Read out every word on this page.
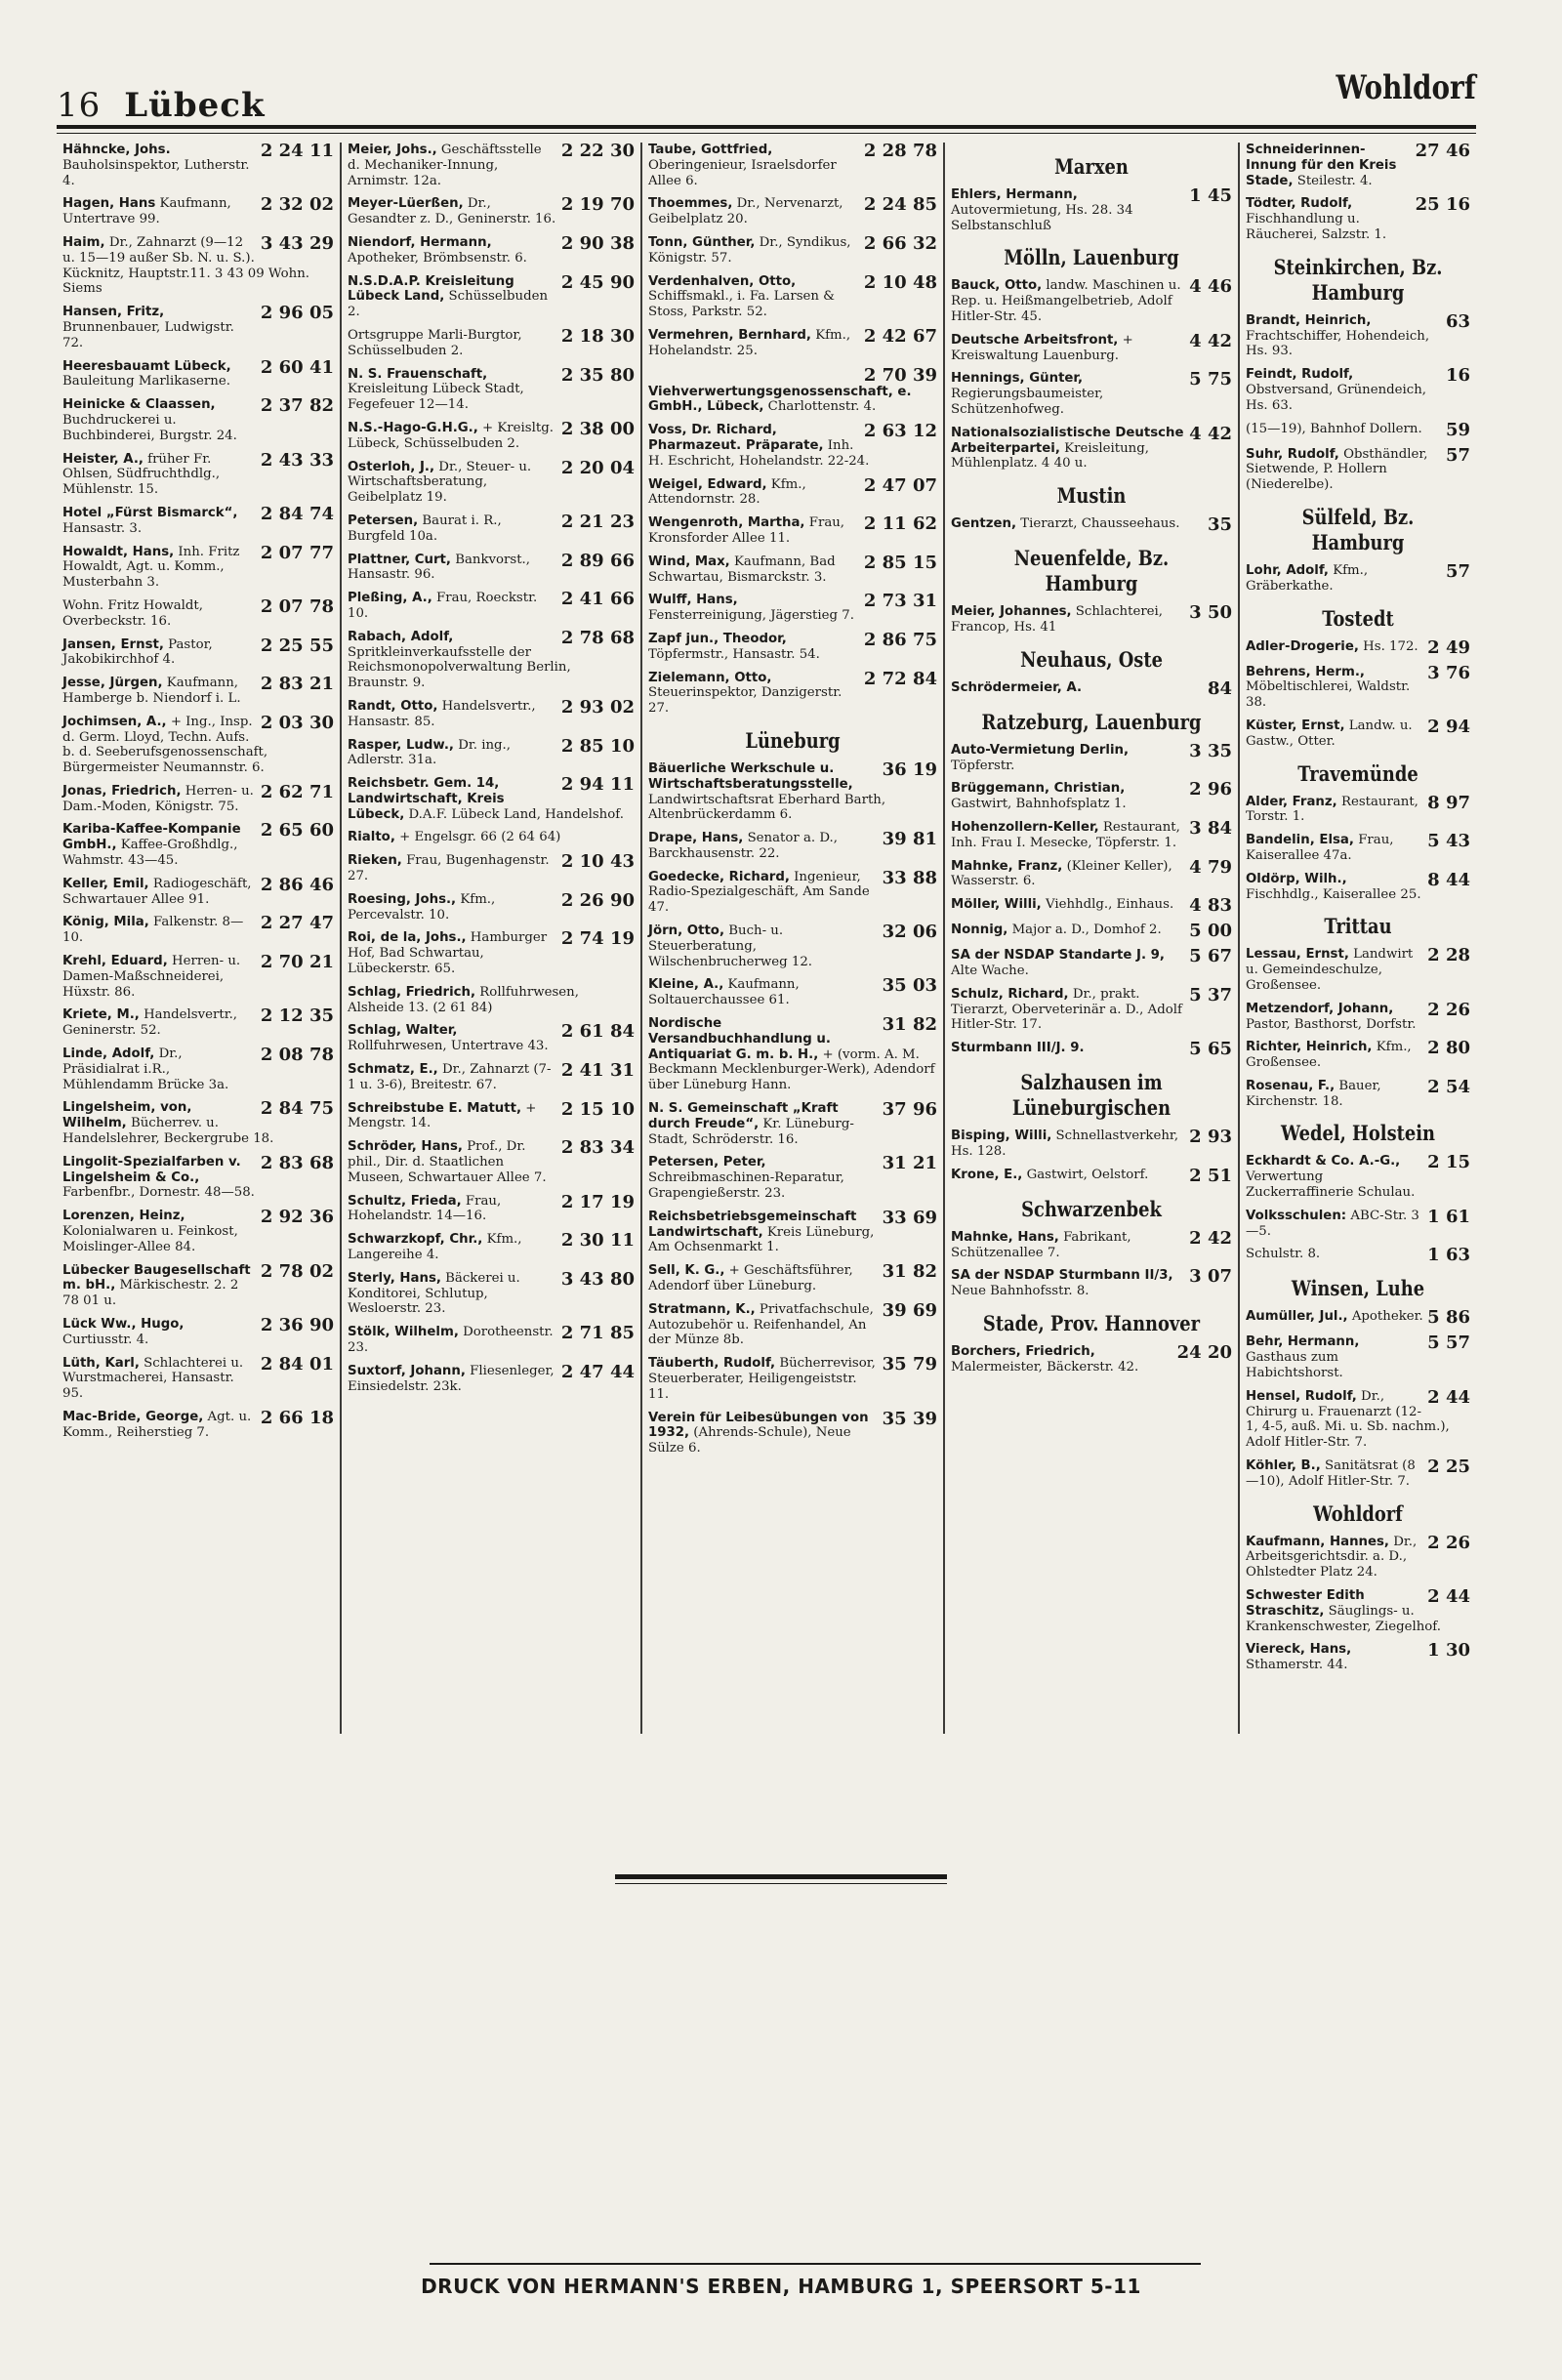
16 Lübeck	Wohldorf
2 24 11
Hähncke, Johs. Bauholsinspektor, Lutherstr. 4.
2 32 02
Hagen, Hans Kaufmann, Untertrave 99.
3 43 29
Haim, Dr., Zahnarzt (9—12 u. 15—19 außer Sb. N. u. S.). Kücknitz, Hauptstr.11. 3 43 09 Wohn. Siems
2 96 05
Hansen, Fritz, Brunnenbauer, Ludwigstr. 72.
2 60 41
Heeresbauamt Lübeck, Bauleitung Marlikaserne.
2 37 82
Heinicke & Claassen, Buchdruckerei u. Buchbinderei, Burgstr. 24.
2 43 33
Heister, A., früher Fr. Ohlsen, Südfruchthdlg., Mühlenstr. 15.
2 84 74
Hotel „Fürst Bismarck“, Hansastr. 3.
2 07 77
Howaldt, Hans, Inh. Fritz Howaldt, Agt. u. Komm., Musterbahn 3.
2 07 78
Wohn. Fritz Howaldt, Overbeckstr. 16.
2 25 55
Jansen, Ernst, Pastor, Jakobikirchhof 4.
2 83 21
Jesse, Jürgen, Kaufmann, Hamberge b. Niendorf i. L.
2 03 30
Jochimsen, A., + Ing., Insp. d. Germ. Lloyd, Techn. Aufs. b. d. Seeberufsgenossenschaft, Bürgermeister Neumannstr. 6.
2 62 71
Jonas, Friedrich, Herren- u. Dam.-Moden, Königstr. 75.
2 65 60
Kariba-Kaffee-Kompanie GmbH., Kaffee-Großhdlg., Wahmstr. 43—45.
2 86 46
Keller, Emil, Radiogeschäft, Schwartauer Allee 91.
2 27 47
König, Mila, Falkenstr. 8—10.
2 70 21
Krehl, Eduard, Herren- u. Damen-Maßschneiderei, Hüxstr. 86.
2 12 35
Kriete, M., Handelsvertr., Geninerstr. 52.
2 08 78
Linde, Adolf, Dr., Präsidialrat i.R., Mühlendamm Brücke 3a.
2 84 75
Lingelsheim, von, Wilhelm, Bücherrev. u. Handelslehrer, Beckergrube 18.
2 83 68
Lingolit-Spezialfarben v. Lingelsheim & Co., Farbenfbr., Dornestr. 48—58.
2 92 36
Lorenzen, Heinz, Kolonialwaren u. Feinkost, Moislinger-Allee 84.
2 78 02
Lübecker Baugesellschaft m. bH., Märkischestr. 2. 2 78 01 u.
2 36 90
Lück Ww., Hugo, Curtiusstr. 4.
2 84 01
Lüth, Karl, Schlachterei u. Wurstmacherei, Hansastr. 95.
2 66 18
Mac-Bride, George, Agt. u. Komm., Reiherstieg 7.
2 22 30
Meier, Johs., Geschäftsstelle d. Mechaniker-Innung, Arnimstr. 12a.
2 19 70
Meyer-Lüerßen, Dr., Gesandter z. D., Geninerstr. 16.
2 90 38
Niendorf, Hermann, Apotheker, Brömbsenstr. 6.
2 45 90
N.S.D.A.P. Kreisleitung Lübeck Land, Schüsselbuden 2.
2 18 30
Ortsgruppe Marli-Burgtor, Schüsselbuden 2.
2 35 80
N. S. Frauenschaft, Kreisleitung Lübeck Stadt, Fegefeuer 12—14.
2 38 00
N.S.-Hago-G.H.G., + Kreisltg. Lübeck, Schüsselbuden 2.
2 20 04
Osterloh, J., Dr., Steuer- u. Wirtschaftsberatung, Geibelplatz 19.
2 21 23
Petersen, Baurat i. R., Burgfeld 10a.
2 89 66
Plattner, Curt, Bankvorst., Hansastr. 96.
2 41 66
Pleßing, A., Frau, Roeckstr. 10.
2 78 68
Rabach, Adolf, Spritkleinverkaufsstelle der Reichsmonopolverwaltung Berlin, Braunstr. 9.
2 93 02
Randt, Otto, Handelsvertr., Hansastr. 85.
2 85 10
Rasper, Ludw., Dr. ing., Adlerstr. 31a.
2 94 11
Reichsbetr. Gem. 14, Landwirtschaft, Kreis Lübeck, D.A.F. Lübeck Land, Handelshof.
Rialto, + Engelsgr. 66 (2 64 64)
2 10 43
Rieken, Frau, Bugenhagenstr. 27.
2 26 90
Roesing, Johs., Kfm., Percevalstr. 10.
2 74 19
Roi, de la, Johs., Hamburger Hof, Bad Schwartau, Lübeckerstr. 65.
Schlag, Friedrich, Rollfuhrwesen, Alsheide 13. (2 61 84)
2 61 84
Schlag, Walter, Rollfuhrwesen, Untertrave 43.
2 41 31
Schmatz, E., Dr., Zahnarzt (7-1 u. 3-6), Breitestr. 67.
2 15 10
Schreibstube E. Matutt, + Mengstr. 14.
2 83 34
Schröder, Hans, Prof., Dr. phil., Dir. d. Staatlichen Museen, Schwartauer Allee 7.
2 17 19
Schultz, Frieda, Frau, Hohelandstr. 14—16.
2 30 11
Schwarzkopf, Chr., Kfm., Langereihe 4.
3 43 80
Sterly, Hans, Bäckerei u. Konditorei, Schlutup, Wesloerstr. 23.
2 71 85
Stölk, Wilhelm, Dorotheenstr. 23.
2 47 44
Suxtorf, Johann, Fliesenleger, Einsiedelstr. 23k.
2 28 78
Taube, Gottfried, Oberingenieur, Israelsdorfer Allee 6.
2 24 85
Thoemmes, Dr., Nervenarzt, Geibelplatz 20.
2 66 32
Tonn, Günther, Dr., Syndikus, Königstr. 57.
2 10 48
Verdenhalven, Otto, Schiffsmakl., i. Fa. Larsen & Stoss, Parkstr. 52.
2 42 67
Vermehren, Bernhard, Kfm., Hohelandstr. 25.
2 70 39
Viehverwertungsgenossenschaft, e. GmbH., Lübeck, Charlottenstr. 4.
2 63 12
Voss, Dr. Richard, Pharmazeut. Präparate, Inh. H. Eschricht, Hohelandstr. 22-24.
2 47 07
Weigel, Edward, Kfm., Attendornstr. 28.
2 11 62
Wengenroth, Martha, Frau, Kronsforder Allee 11.
2 85 15
Wind, Max, Kaufmann, Bad Schwartau, Bismarckstr. 3.
2 73 31
Wulff, Hans, Fensterreinigung, Jägerstieg 7.
2 86 75
Zapf jun., Theodor, Töpfermstr., Hansastr. 54.
2 72 84
Zielemann, Otto, Steuerinspektor, Danzigerstr. 27.
Lüneburg
36 19
Bäuerliche Werkschule u. Wirtschaftsberatungsstelle, Landwirtschaftsrat Eberhard Barth, Altenbrückerdamm 6.
39 81
Drape, Hans, Senator a. D., Barckhausenstr. 22.
33 88
Goedecke, Richard, Ingenieur, Radio-Spezialgeschäft, Am Sande 47.
32 06
Jörn, Otto, Buch- u. Steuerberatung, Wilschenbrucherweg 12.
35 03
Kleine, A., Kaufmann, Soltauerchaussee 61.
31 82
Nordische Versandbuchhandlung u. Antiquariat G. m. b. H., + (vorm. A. M. Beckmann Mecklenburger-Werk), Adendorf über Lüneburg Hann.
37 96
N. S. Gemeinschaft „Kraft durch Freude“, Kr. Lüneburg-Stadt, Schröderstr. 16.
31 21
Petersen, Peter, Schreibmaschinen-Reparatur, Grapengießerstr. 23.
33 69
Reichsbetriebsgemeinschaft Landwirtschaft, Kreis Lüneburg, Am Ochsenmarkt 1.
31 82
Sell, K. G., + Geschäftsführer, Adendorf über Lüneburg.
39 69
Stratmann, K., Privatfachschule, Autozubehör u. Reifenhandel, An der Münze 8b.
35 79
Täuberth, Rudolf, Bücherrevisor, Steuerberater, Heiligengeiststr. 11.
35 39
Verein für Leibesübungen von 1932, (Ahrends-Schule), Neue Sülze 6.
Marxen
1 45
Ehlers, Hermann, Autovermietung, Hs. 28. 34 Selbstanschluß
Mölln, Lauenburg
4 46
Bauck, Otto, landw. Maschinen u. Rep. u. Heißmangelbetrieb, Adolf Hitler-Str. 45.
4 42
Deutsche Arbeitsfront, + Kreiswaltung Lauenburg.
5 75
Hennings, Günter, Regierungsbaumeister, Schützenhofweg.
4 42
Nationalsozialistische Deutsche Arbeiterpartei, Kreisleitung, Mühlenplatz. 4 40 u.
Mustin
35
Gentzen, Tierarzt, Chausseehaus.
Neuenfelde, Bz. Hamburg
3 50
Meier, Johannes, Schlachterei, Francop, Hs. 41
Neuhaus, Oste
84
Schrödermeier, A.
Ratzeburg, Lauenburg
3 35
Auto-Vermietung Derlin, Töpferstr.
2 96
Brüggemann, Christian, Gastwirt, Bahnhofsplatz 1.
3 84
Hohenzollern-Keller, Restaurant, Inh. Frau I. Mesecke, Töpferstr. 1.
4 79
Mahnke, Franz, (Kleiner Keller), Wasserstr. 6.
4 83
Möller, Willi, Viehhdlg., Einhaus.
5 00
Nonnig, Major a. D., Domhof 2.
5 67
SA der NSDAP Standarte J. 9, Alte Wache.
5 37
Schulz, Richard, Dr., prakt. Tierarzt, Oberveterinär a. D., Adolf Hitler-Str. 17.
5 65
Sturmbann III/J. 9.
Salzhausen im Lüneburgischen
2 93
Bisping, Willi, Schnellastverkehr, Hs. 128.
2 51
Krone, E., Gastwirt, Oelstorf.
Schwarzenbek
2 42
Mahnke, Hans, Fabrikant, Schützenallee 7.
3 07
SA der NSDAP Sturmbann II/3, Neue Bahnhofsstr. 8.
Stade, Prov. Hannover
24 20
Borchers, Friedrich, Malermeister, Bäckerstr. 42.
27 46
Schneiderinnen-Innung für den Kreis Stade, Steilestr. 4.
25 16
Tödter, Rudolf, Fischhandlung u. Räucherei, Salzstr. 1.
Steinkirchen, Bz. Hamburg
63
Brandt, Heinrich, Frachtschiffer, Hohendeich, Hs. 93.
16
Feindt, Rudolf, Obstversand, Grünendeich, Hs. 63.
59
(15—19), Bahnhof Dollern.
57
Suhr, Rudolf, Obsthändler, Sietwende, P. Hollern (Niederelbe).
Sülfeld, Bz. Hamburg
57
Lohr, Adolf, Kfm., Gräberkathe.
Tostedt
2 49
Adler-Drogerie, Hs. 172.
3 76
Behrens, Herm., Möbeltischlerei, Waldstr. 38.
2 94
Küster, Ernst, Landw. u. Gastw., Otter.
Travemünde
8 97
Alder, Franz, Restaurant, Torstr. 1.
5 43
Bandelin, Elsa, Frau, Kaiserallee 47a.
8 44
Oldörp, Wilh., Fischhdlg., Kaiserallee 25.
Trittau
2 28
Lessau, Ernst, Landwirt u. Gemeindeschulze, Großensee.
2 26
Metzendorf, Johann, Pastor, Basthorst, Dorfstr.
2 80
Richter, Heinrich, Kfm., Großensee.
2 54
Rosenau, F., Bauer, Kirchenstr. 18.
Wedel, Holstein
2 15
Eckhardt & Co. A.-G., Verwertung Zuckerraffinerie Schulau.
1 61
Volksschulen: ABC-Str. 3—5.
1 63
Schulstr. 8.
Winsen, Luhe
5 86
Aumüller, Jul., Apotheker.
5 57
Behr, Hermann, Gasthaus zum Habichtshorst.
2 44
Hensel, Rudolf, Dr., Chirurg u. Frauenarzt (12-1, 4-5, auß. Mi. u. Sb. nachm.), Adolf Hitler-Str. 7.
2 25
Köhler, B., Sanitätsrat (8—10), Adolf Hitler-Str. 7.
Wohldorf
2 26
Kaufmann, Hannes, Dr., Arbeitsgerichtsdir. a. D., Ohlstedter Platz 24.
2 44
Schwester Edith Straschitz, Säuglings- u. Krankenschwester, Ziegelhof.
1 30
Viereck, Hans, Sthamerstr. 44.
DRUCK VON HERMANN'S ERBEN, HAMBURG 1, SPEERSORT 5-11
